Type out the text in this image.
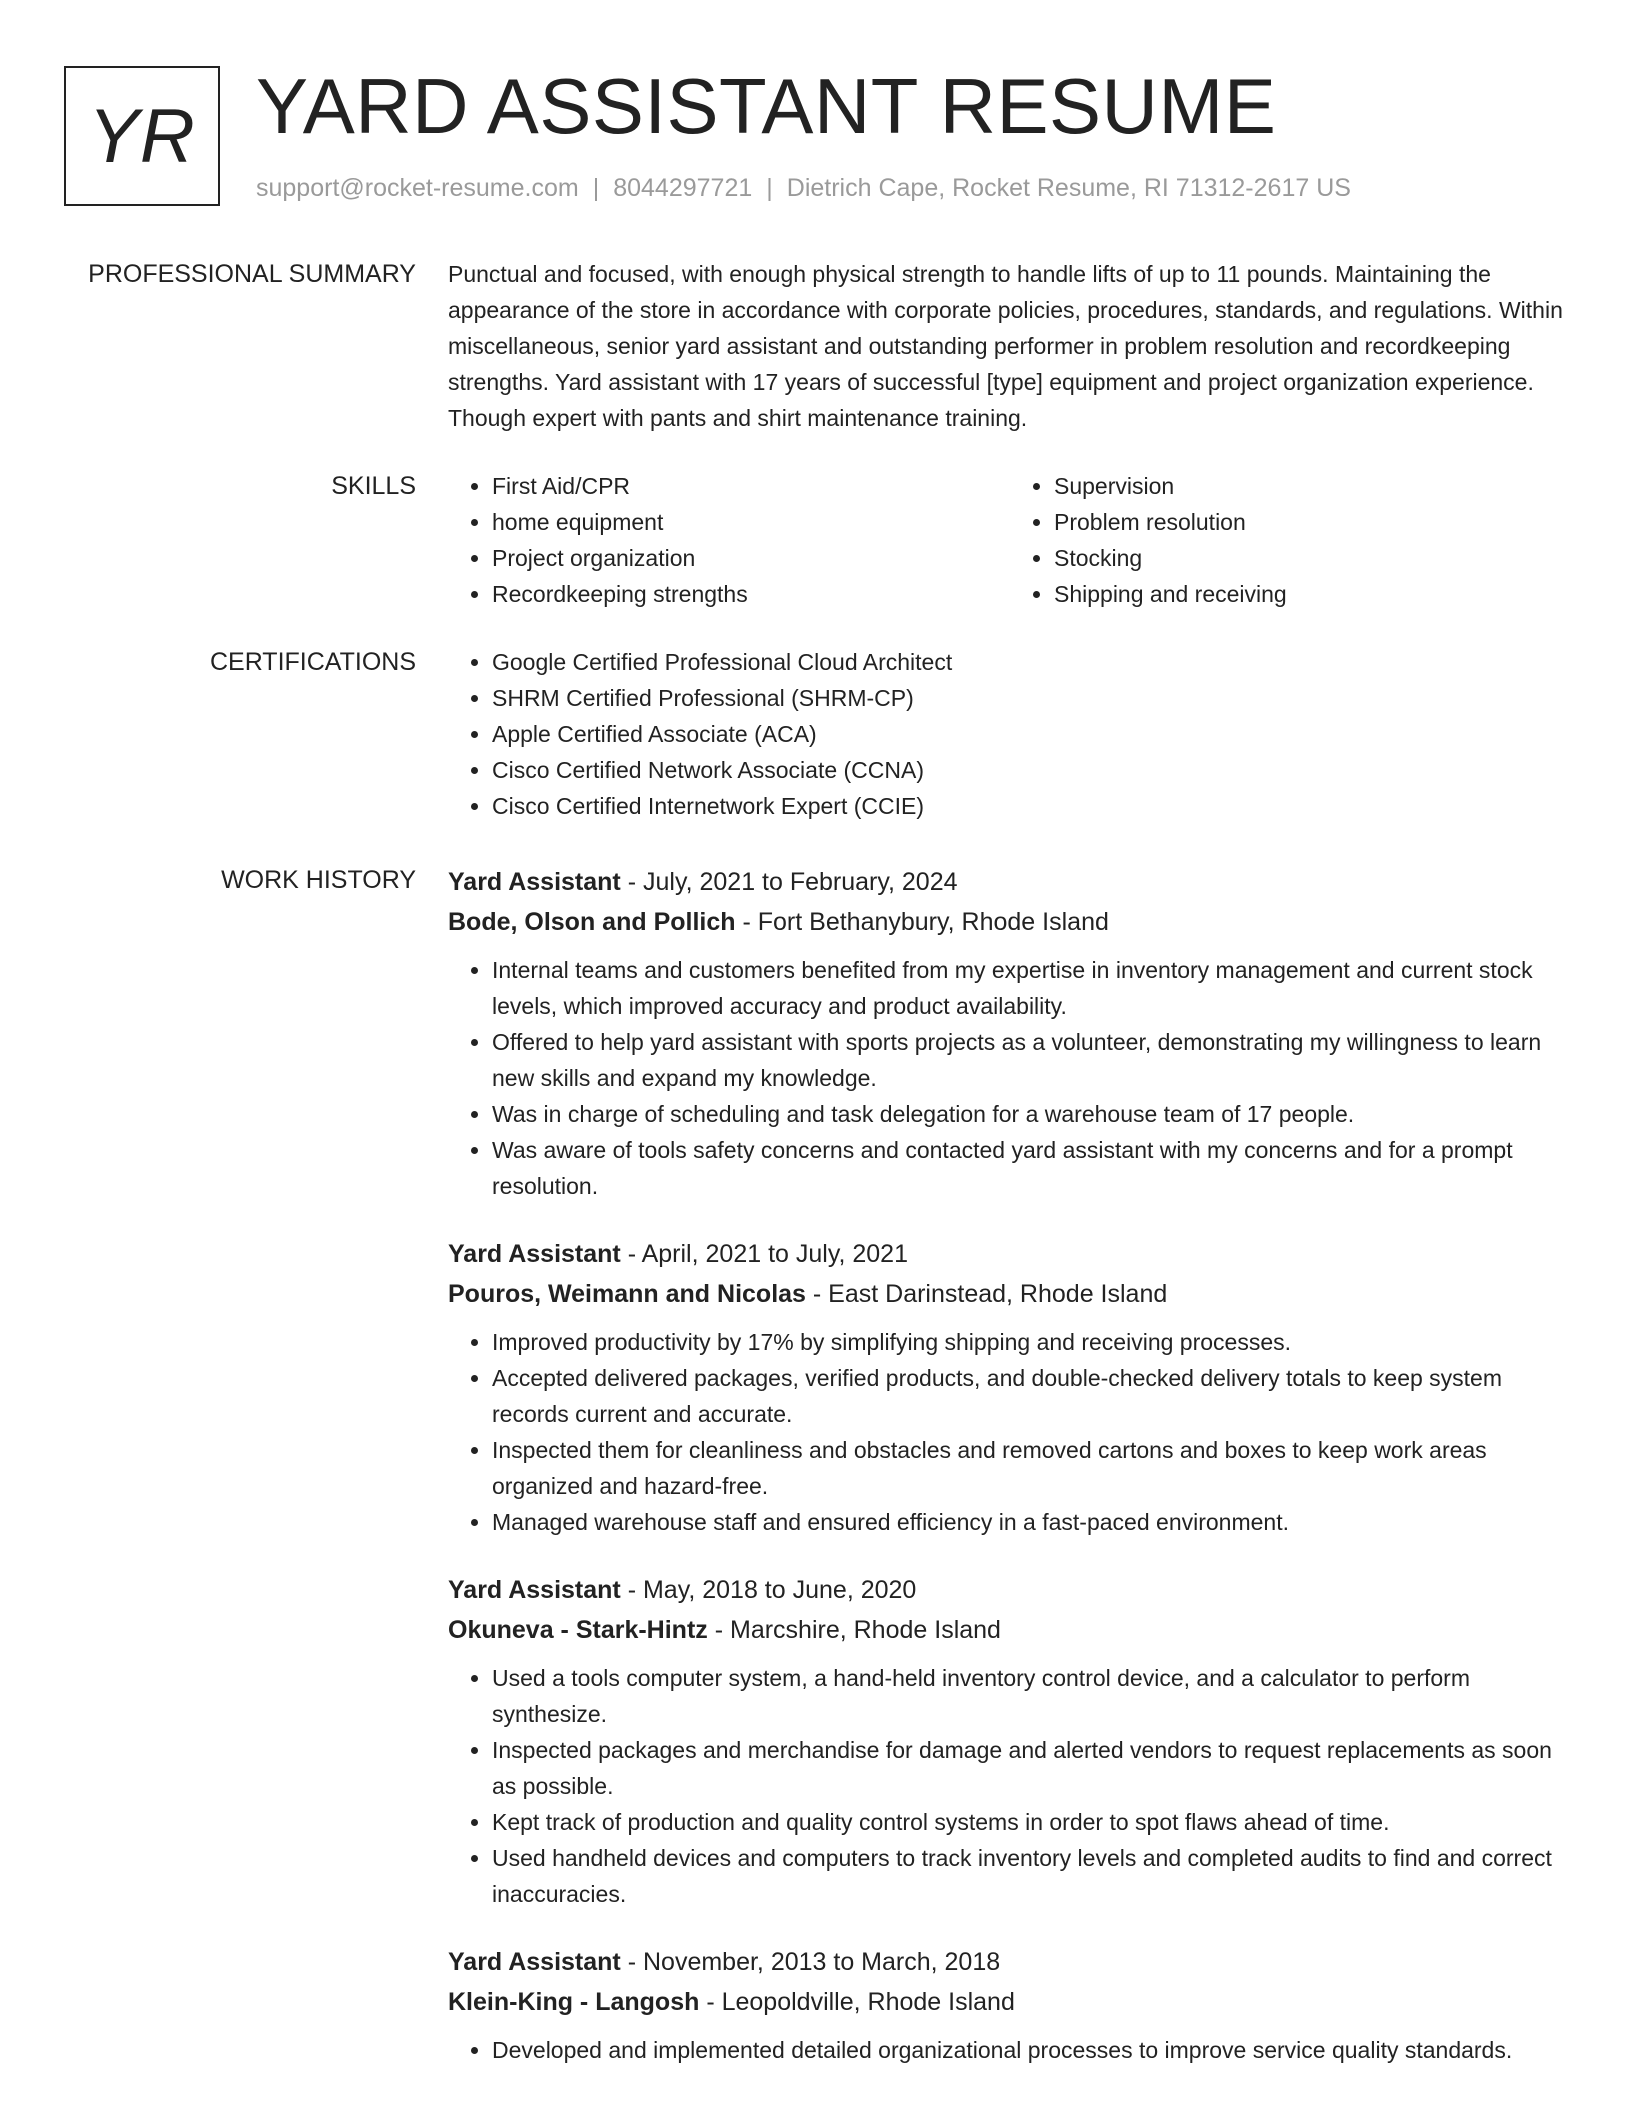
YR YARD ASSISTANT RESUME
support@rocket-resume.com | 8044297721 | Dietrich Cape, Rocket Resume, RI 71312-2617 US
PROFESSIONAL SUMMARY Punctual and focused, with enough physical strength to handle lifts of up to 11 pounds. Maintaining the appearance of the store in accordance with corporate policies, procedures, standards, and regulations. Within miscellaneous, senior yard assistant and outstanding performer in problem resolution and recordkeeping strengths. Yard assistant with 17 years of successful [type] equipment and project organization experience. Though expert with pants and shirt maintenance training.

SKILLS	• First Aid/CPR
• home equipment
• Project organization
• Recordkeeping strengths
• Supervision
• Problem resolution
• Stocking
• Shipping and receiving
CERTIFICATIONS	• Google Certified Professional Cloud Architect
• SHRM Certified Professional (SHRM-CP)
• Apple Certified Associate (ACA)
• Cisco Certified Network Associate (CCNA)
• Cisco Certified Internetwork Expert (CCIE)
WORK HISTORY Yard Assistant - July, 2021 to February, 2024
Bode, Olson and Pollich - Fort Bethanybury, Rhode Island
• Internal teams and customers benefited from my expertise in inventory management and current stock levels, which improved accuracy and product availability.
• Offered to help yard assistant with sports projects as a volunteer, demonstrating my willingness to learn new skills and expand my knowledge.
• Was in charge of scheduling and task delegation for a warehouse team of 17 people.
• Was aware of tools safety concerns and contacted yard assistant with my concerns and for a prompt resolution.
Yard Assistant - April, 2021 to July, 2021
Pouros, Weimann and Nicolas - East Darinstead, Rhode Island
• Improved productivity by 17% by simplifying shipping and receiving processes.
• Accepted delivered packages, verified products, and double-checked delivery totals to keep system records current and accurate.
• Inspected them for cleanliness and obstacles and removed cartons and boxes to keep work areas organized and hazard-free.
• Managed warehouse staff and ensured efficiency in a fast-paced environment.
Yard Assistant - May, 2018 to June, 2020
Okuneva - Stark-Hintz - Marcshire, Rhode Island
• Used a tools computer system, a hand-held inventory control device, and a calculator to perform synthesize.
• Inspected packages and merchandise for damage and alerted vendors to request replacements as soon as possible.
• Kept track of production and quality control systems in order to spot flaws ahead of time.
• Used handheld devices and computers to track inventory levels and completed audits to find and correct inaccuracies.
Yard Assistant - November, 2013 to March, 2018
Klein-King - Langosh - Leopoldville, Rhode Island
• Developed and implemented detailed organizational processes to improve service quality standards.
